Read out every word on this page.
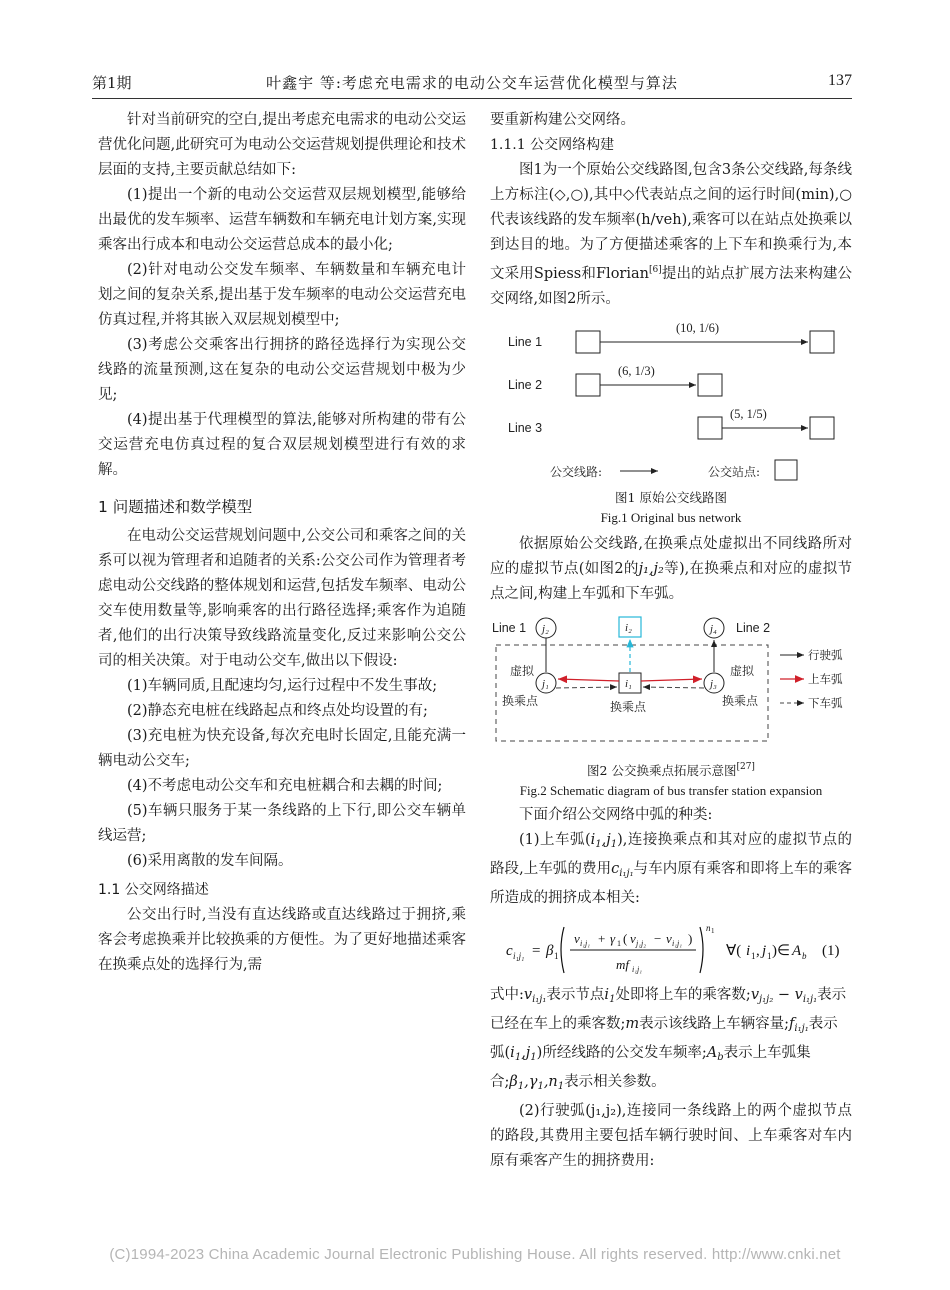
第1期	叶鑫宇 等:考虑充电需求的电动公交车运营优化模型与算法	137

针对当前研究的空白,提出考虑充电需求的电动公交运营优化问题,此研究可为电动公交运营规划提供理论和技术层面的支持,主要贡献总结如下:

(1)提出一个新的电动公交运营双层规划模型,能够给出最优的发车频率、运营车辆数和车辆充电计划方案,实现乘客出行成本和电动公交运营总成本的最小化;

(2)针对电动公交发车频率、车辆数量和车辆充电计划之间的复杂关系,提出基于发车频率的电动公交运营充电仿真过程,并将其嵌入双层规划模型中;

(3)考虑公交乘客出行拥挤的路径选择行为实现公交线路的流量预测,这在复杂的电动公交运营规划中极为少见;

(4)提出基于代理模型的算法,能够对所构建的带有公交运营充电仿真过程的复合双层规划模型进行有效的求解。

1 问题描述和数学模型

在电动公交运营规划问题中,公交公司和乘客之间的关系可以视为管理者和追随者的关系:公交公司作为管理者考虑电动公交线路的整体规划和运营,包括发车频率、电动公交车使用数量等,影响乘客的出行路径选择;乘客作为追随者,他们的出行决策导致线路流量变化,反过来影响公交公司的相关决策。对于电动公交车,做出以下假设:

(1)车辆同质,且配速均匀,运行过程中不发生事故;

(2)静态充电桩在线路起点和终点处均设置的有;

(3)充电桩为快充设备,每次充电时长固定,且能充满一辆电动公交车;

(4)不考虑电动公交车和充电桩耦合和去耦的时间;

(5)车辆只服务于某一条线路的上下行,即公交车辆单线运营;

(6)采用离散的发车间隔。

1.1 公交网络描述

公交出行时,当没有直达线路或直达线路过于拥挤,乘客会考虑换乘并比较换乘的方便性。为了更好地描述乘客在换乘点处的选择行为,需

要重新构建公交网络。

1.1.1 公交网络构建

图1为一个原始公交线路图,包含3条公交线路,每条线上方标注(◇,○),其中◇代表站点之间的运行时间(min),○代表该线路的发车频率(h/veh),乘客可以在站点处换乘以到达目的地。为了方便描述乘客的上下车和换乘行为,本文采用Spiess和Florian[6]提出的站点扩展方法来构建公交网络,如图2所示。

Line 1
Line 2
Line 3
(10, 1/6)
(6, 1/3)
(5, 1/5)
公交线路:	公交站点:

图1 原始公交线路图

Fig.1 Original bus network

依据原始公交线路,在换乘点处虚拟出不同线路所对应的虚拟节点(如图2的j₁,j₂等),在换乘点和对应的虚拟节点之间,构建上车弧和下车弧。

Line 1	Line 2
j₂	i₂	j₄
j₁	i₁	j₃
虚拟
换乘点
虚拟
换乘点
换乘点
行驶弧
上车弧
下车弧

图2 公交换乘点拓展示意图[27]

Fig.2 Schematic diagram of bus transfer station expansion

下面介绍公交网络中弧的种类:

(1)上车弧$(i_1,j_1)$,连接换乘点和其对应的虚拟节点的路段,上车弧的费用$c_{i_1j_1}$与车内原有乘客和即将上车的乘客所造成的拥挤成本相关:

c i₁j₁ = β 1
v i₁j₁ + γ 1 ( v j₁j₂ − v i₁j₁ )
mf i₁j₁
n 1
∀( i 1 , j 1 )∈ A b (1)

式中$:v_{i_1j_1}$表示节点$i_1$处即将上车的乘客数$;v_{j_1j_2} - v_{i_1j_1}$表示已经在车上的乘客数;m表示该线路上车辆容量$;f_{i_1j_1}$表示弧$(i_1,j_1)$所经线路的公交发车频率$;A_b$表示上车弧集合$;\beta_1,\gamma_1,n_1$表示相关参数。

(2)行驶弧(j₁,j₂),连接同一条线路上的两个虚拟节点的路段,其费用主要包括车辆行驶时间、上车乘客对车内原有乘客产生的拥挤费用:

(C)1994-2023 China Academic Journal Electronic Publishing House. All rights reserved. http://www.cnki.net
